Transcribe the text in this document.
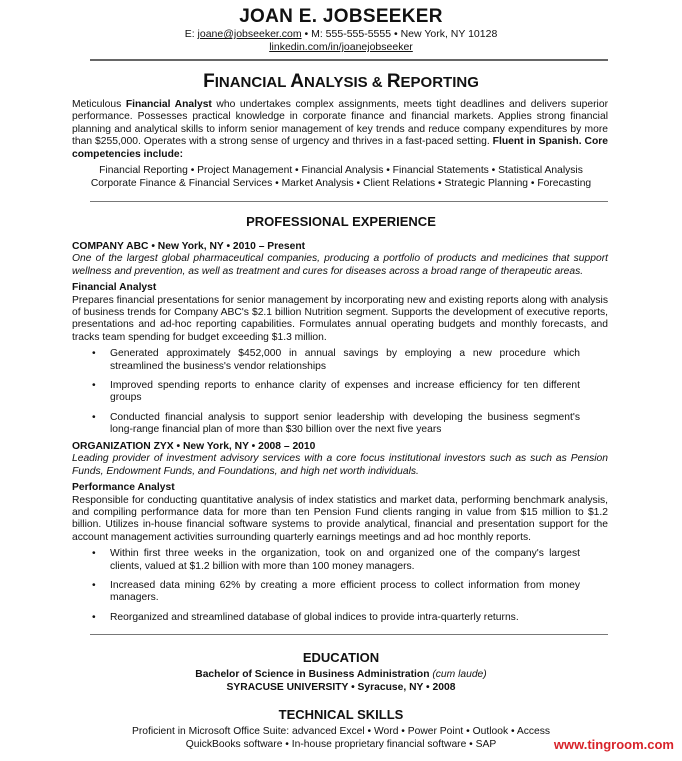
JOAN E. JOBSEEKER
E: joane@jobseeker.com • M: 555-555-5555 • New York, NY 10128
linkedin.com/in/joanejobseeker
FINANCIAL ANALYSIS & REPORTING
Meticulous Financial Analyst who undertakes complex assignments, meets tight deadlines and delivers superior performance. Possesses practical knowledge in corporate finance and financial markets. Applies strong financial planning and analytical skills to inform senior management of key trends and reduce company expenditures by more than $255,000. Operates with a strong sense of urgency and thrives in a fast-paced setting. Fluent in Spanish. Core competencies include:
Financial Reporting • Project Management • Financial Analysis • Financial Statements • Statistical Analysis
Corporate Finance & Financial Services • Market Analysis • Client Relations • Strategic Planning • Forecasting
PROFESSIONAL EXPERIENCE
COMPANY ABC • New York, NY • 2010 – Present
One of the largest global pharmaceutical companies, producing a portfolio of products and medicines that support wellness and prevention, as well as treatment and cures for diseases across a broad range of therapeutic areas.
Financial Analyst
Prepares financial presentations for senior management by incorporating new and existing reports along with analysis of business trends for Company ABC's $2.1 billion Nutrition segment. Supports the development of executive reports, presentations and ad-hoc reporting capabilities. Formulates annual operating budgets and monthly forecasts, and tracks team spending for budget exceeding $1.3 million.
• Generated approximately $452,000 in annual savings by employing a new procedure which streamlined the business's vendor relationships
• Improved spending reports to enhance clarity of expenses and increase efficiency for ten different groups
• Conducted financial analysis to support senior leadership with developing the business segment's long-range financial plan of more than $30 billion over the next five years
ORGANIZATION ZYX • New York, NY • 2008 – 2010
Leading provider of investment advisory services with a core focus institutional investors such as such as Pension Funds, Endowment Funds, and Foundations, and high net worth individuals.
Performance Analyst
Responsible for conducting quantitative analysis of index statistics and market data, performing benchmark analysis, and compiling performance data for more than ten Pension Fund clients ranging in value from $15 million to $1.2 billion. Utilizes in-house financial software systems to provide analytical, financial and presentation support for the account management activities surrounding quarterly earnings meetings and ad hoc monthly reports.
• Within first three weeks in the organization, took on and organized one of the company's largest clients, valued at $1.2 billion with more than 100 money managers.
• Increased data mining 62% by creating a more efficient process to collect information from money managers.
• Reorganized and streamlined database of global indices to provide intra-quarterly returns.
EDUCATION
Bachelor of Science in Business Administration (cum laude)
SYRACUSE UNIVERSITY • Syracuse, NY • 2008
TECHNICAL SKILLS
Proficient in Microsoft Office Suite: advanced Excel • Word • Power Point • Outlook • Access
QuickBooks software • In-house proprietary financial software • SAP	www.tingroom.com
